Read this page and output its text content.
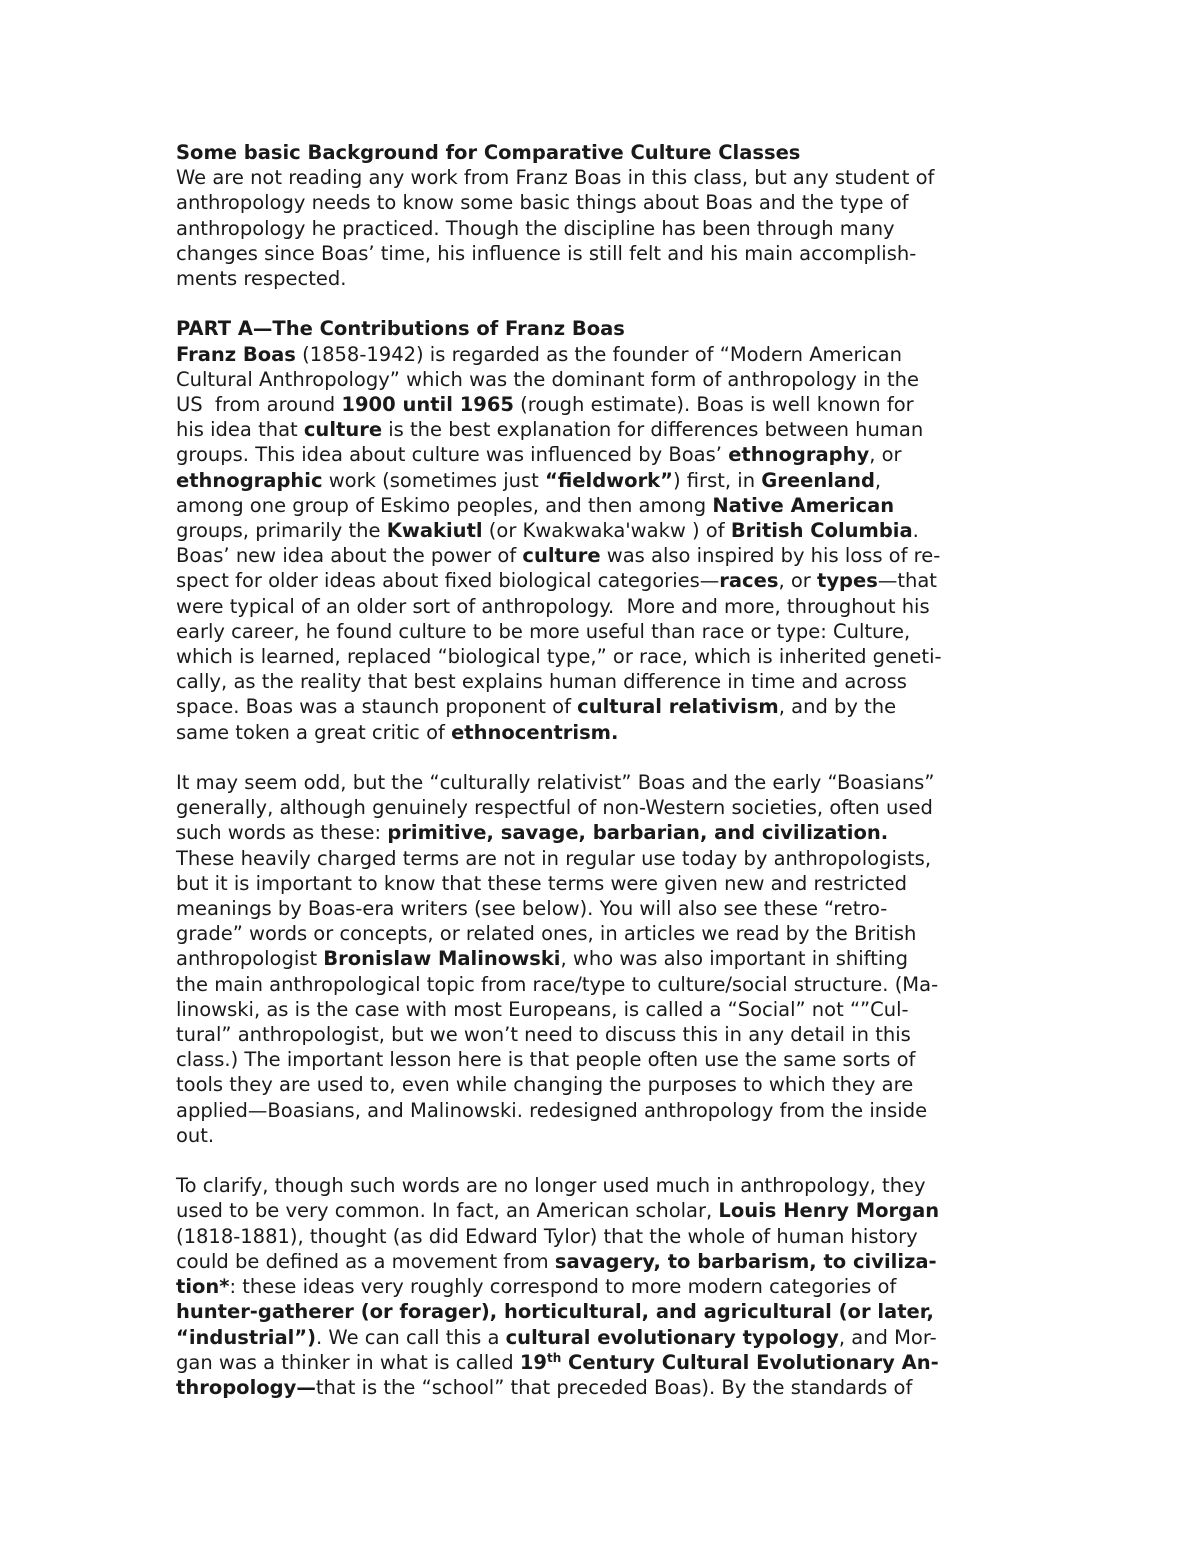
Some basic Background for Comparative Culture Classes
We are not reading any work from Franz Boas in this class, but any student of
anthropology needs to know some basic things about Boas and the type of
anthropology he practiced. Though the discipline has been through many
changes since Boas’ time, his influence is still felt and his main accomplish-
ments respected.
PART A—The Contributions of Franz Boas
Franz Boas (1858-1942) is regarded as the founder of “Modern American
Cultural Anthropology” which was the dominant form of anthropology in the
US  from around 1900 until 1965 (rough estimate). Boas is well known for
his idea that culture is the best explanation for differences between human
groups. This idea about culture was influenced by Boas’ ethnography, or
ethnographic work (sometimes just “fieldwork”) first, in Greenland,
among one group of Eskimo peoples, and then among Native American
groups, primarily the Kwakiutl (or Kwakwaka'wakw ) of British Columbia.
Boas’ new idea about the power of culture was also inspired by his loss of re-
spect for older ideas about fixed biological categories—races, or types—that
were typical of an older sort of anthropology.  More and more, throughout his
early career, he found culture to be more useful than race or type: Culture,
which is learned, replaced “biological type,” or race, which is inherited geneti-
cally, as the reality that best explains human difference in time and across
space. Boas was a staunch proponent of cultural relativism, and by the
same token a great critic of ethnocentrism.
It may seem odd, but the “culturally relativist” Boas and the early “Boasians”
generally, although genuinely respectful of non-Western societies, often used
such words as these: primitive, savage, barbarian, and civilization.
These heavily charged terms are not in regular use today by anthropologists,
but it is important to know that these terms were given new and restricted
meanings by Boas-era writers (see below). You will also see these “retro-
grade” words or concepts, or related ones, in articles we read by the British
anthropologist Bronislaw Malinowski, who was also important in shifting
the main anthropological topic from race/type to culture/social structure. (Ma-
linowski, as is the case with most Europeans, is called a “Social” not “”Cul-
tural” anthropologist, but we won’t need to discuss this in any detail in this
class.) The important lesson here is that people often use the same sorts of
tools they are used to, even while changing the purposes to which they are
applied—Boasians, and Malinowski. redesigned anthropology from the inside
out.
To clarify, though such words are no longer used much in anthropology, they
used to be very common. In fact, an American scholar, Louis Henry Morgan
(1818-1881), thought (as did Edward Tylor) that the whole of human history
could be defined as a movement from savagery, to barbarism, to civiliza-
tion*: these ideas very roughly correspond to more modern categories of
hunter-gatherer (or forager), horticultural, and agricultural (or later,
“industrial”). We can call this a cultural evolutionary typology, and Mor-
gan was a thinker in what is called 19th Century Cultural Evolutionary An-
thropology—that is the “school” that preceded Boas). By the standards of
